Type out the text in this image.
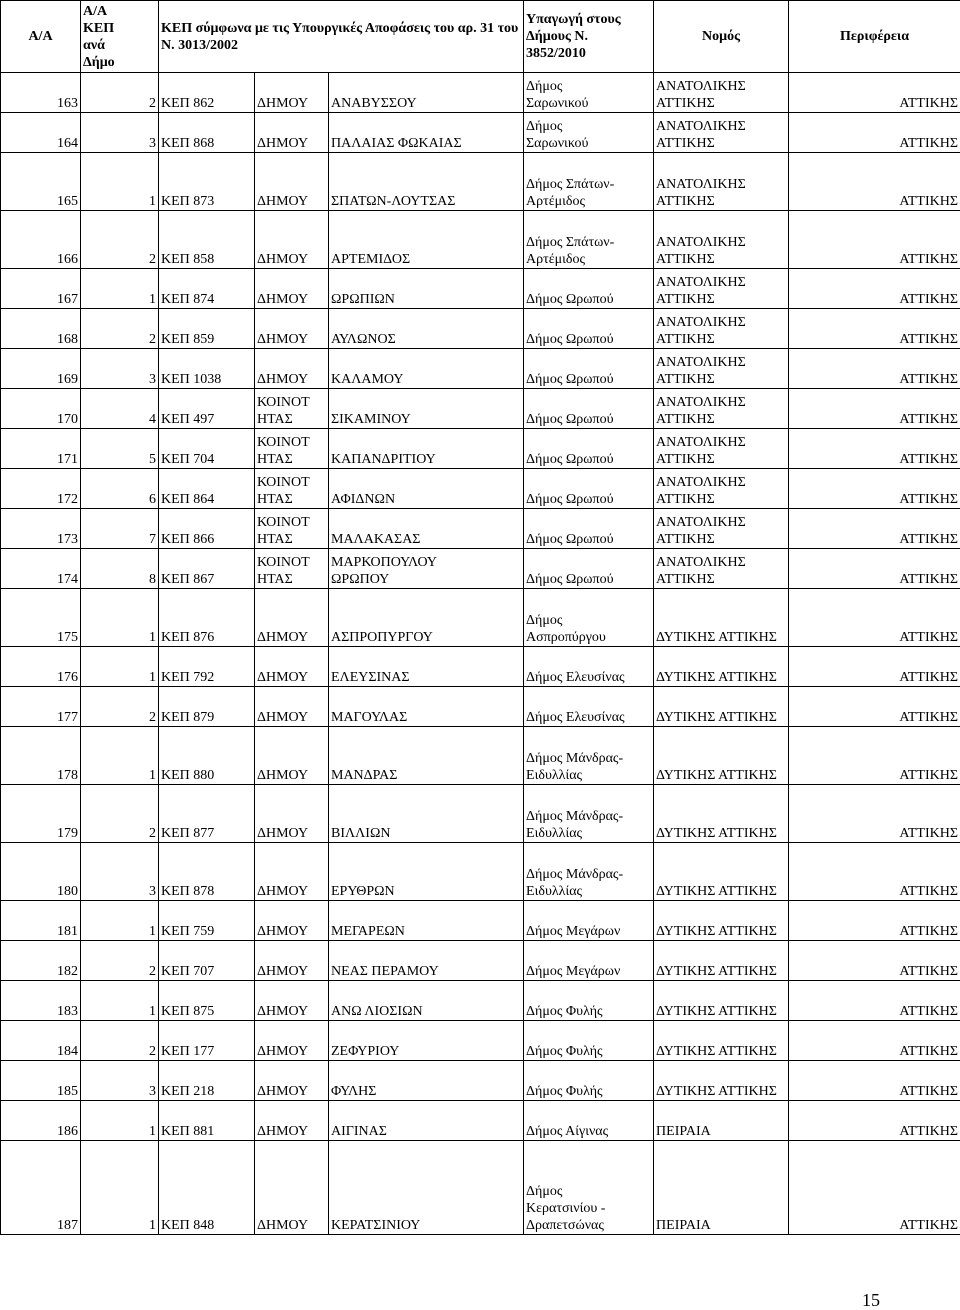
Α/Α	Α/Α
ΚΕΠ
ανά
Δήμο	ΚΕΠ σύμφωνα με τις Υπουργικές Αποφάσεις του αρ. 31 του Ν. 3013/2002			Υπαγωγή στους
Δήμους Ν.
3852/2010	Νομός	Περιφέρεια
163	2	ΚΕΠ 862	ΔΗΜΟΥ	ΑΝΑΒΥΣΣΟΥ	Δήμος
Σαρωνικού	ΑΝΑΤΟΛΙΚΗΣ
ΑΤΤΙΚΗΣ	ΑΤΤΙΚΗΣ
164	3	ΚΕΠ 868	ΔΗΜΟΥ	ΠΑΛΑΙΑΣ ΦΩΚΑΙΑΣ	Δήμος
Σαρωνικού	ΑΝΑΤΟΛΙΚΗΣ
ΑΤΤΙΚΗΣ	ΑΤΤΙΚΗΣ
165	1	ΚΕΠ 873	ΔΗΜΟΥ	ΣΠΑΤΩΝ-ΛΟΥΤΣΑΣ	Δήμος Σπάτων-
Αρτέμιδος	ΑΝΑΤΟΛΙΚΗΣ
ΑΤΤΙΚΗΣ	ΑΤΤΙΚΗΣ
166	2	ΚΕΠ 858	ΔΗΜΟΥ	ΑΡΤΕΜΙΔΟΣ	Δήμος Σπάτων-
Αρτέμιδος	ΑΝΑΤΟΛΙΚΗΣ
ΑΤΤΙΚΗΣ	ΑΤΤΙΚΗΣ
167	1	ΚΕΠ 874	ΔΗΜΟΥ	ΩΡΩΠΙΩΝ	Δήμος Ωρωπού	ΑΝΑΤΟΛΙΚΗΣ
ΑΤΤΙΚΗΣ	ΑΤΤΙΚΗΣ
168	2	ΚΕΠ 859	ΔΗΜΟΥ	ΑΥΛΩΝΟΣ	Δήμος Ωρωπού	ΑΝΑΤΟΛΙΚΗΣ
ΑΤΤΙΚΗΣ	ΑΤΤΙΚΗΣ
169	3	ΚΕΠ 1038	ΔΗΜΟΥ	ΚΑΛΑΜΟΥ	Δήμος Ωρωπού	ΑΝΑΤΟΛΙΚΗΣ
ΑΤΤΙΚΗΣ	ΑΤΤΙΚΗΣ
170	4	ΚΕΠ 497	ΚΟΙΝΟΤ
ΗΤΑΣ	ΣΙΚΑΜΙΝΟΥ	Δήμος Ωρωπού	ΑΝΑΤΟΛΙΚΗΣ
ΑΤΤΙΚΗΣ	ΑΤΤΙΚΗΣ
171	5	ΚΕΠ 704	ΚΟΙΝΟΤ
ΗΤΑΣ	ΚΑΠΑΝΔΡΙΤΙΟΥ	Δήμος Ωρωπού	ΑΝΑΤΟΛΙΚΗΣ
ΑΤΤΙΚΗΣ	ΑΤΤΙΚΗΣ
172	6	ΚΕΠ 864	ΚΟΙΝΟΤ
ΗΤΑΣ	ΑΦΙΔΝΩΝ	Δήμος Ωρωπού	ΑΝΑΤΟΛΙΚΗΣ
ΑΤΤΙΚΗΣ	ΑΤΤΙΚΗΣ
173	7	ΚΕΠ 866	ΚΟΙΝΟΤ
ΗΤΑΣ	ΜΑΛΑΚΑΣΑΣ	Δήμος Ωρωπού	ΑΝΑΤΟΛΙΚΗΣ
ΑΤΤΙΚΗΣ	ΑΤΤΙΚΗΣ
174	8	ΚΕΠ 867	ΚΟΙΝΟΤ
ΗΤΑΣ	ΜΑΡΚΟΠΟΥΛΟΥ
ΩΡΩΠΟΥ	Δήμος Ωρωπού	ΑΝΑΤΟΛΙΚΗΣ
ΑΤΤΙΚΗΣ	ΑΤΤΙΚΗΣ
175	1	ΚΕΠ 876	ΔΗΜΟΥ	ΑΣΠΡΟΠΥΡΓΟΥ	Δήμος
Ασπροπύργου	ΔΥΤΙΚΗΣ ΑΤΤΙΚΗΣ	ΑΤΤΙΚΗΣ
176	1	ΚΕΠ 792	ΔΗΜΟΥ	ΕΛΕΥΣΙΝΑΣ	Δήμος Ελευσίνας	ΔΥΤΙΚΗΣ ΑΤΤΙΚΗΣ	ΑΤΤΙΚΗΣ
177	2	ΚΕΠ 879	ΔΗΜΟΥ	ΜΑΓΟΥΛΑΣ	Δήμος Ελευσίνας	ΔΥΤΙΚΗΣ ΑΤΤΙΚΗΣ	ΑΤΤΙΚΗΣ
178	1	ΚΕΠ 880	ΔΗΜΟΥ	ΜΑΝΔΡΑΣ	Δήμος Μάνδρας-
Ειδυλλίας	ΔΥΤΙΚΗΣ ΑΤΤΙΚΗΣ	ΑΤΤΙΚΗΣ
179	2	ΚΕΠ 877	ΔΗΜΟΥ	ΒΙΛΛΙΩΝ	Δήμος Μάνδρας-
Ειδυλλίας	ΔΥΤΙΚΗΣ ΑΤΤΙΚΗΣ	ΑΤΤΙΚΗΣ
180	3	ΚΕΠ 878	ΔΗΜΟΥ	ΕΡΥΘΡΩΝ	Δήμος Μάνδρας-
Ειδυλλίας	ΔΥΤΙΚΗΣ ΑΤΤΙΚΗΣ	ΑΤΤΙΚΗΣ
181	1	ΚΕΠ 759	ΔΗΜΟΥ	ΜΕΓΑΡΕΩΝ	Δήμος Μεγάρων	ΔΥΤΙΚΗΣ ΑΤΤΙΚΗΣ	ΑΤΤΙΚΗΣ
182	2	ΚΕΠ 707	ΔΗΜΟΥ	ΝΕΑΣ ΠΕΡΑΜΟΥ	Δήμος Μεγάρων	ΔΥΤΙΚΗΣ ΑΤΤΙΚΗΣ	ΑΤΤΙΚΗΣ
183	1	ΚΕΠ 875	ΔΗΜΟΥ	ΑΝΩ ΛΙΟΣΙΩΝ	Δήμος Φυλής	ΔΥΤΙΚΗΣ ΑΤΤΙΚΗΣ	ΑΤΤΙΚΗΣ
184	2	ΚΕΠ 177	ΔΗΜΟΥ	ΖΕΦΥΡΙΟΥ	Δήμος Φυλής	ΔΥΤΙΚΗΣ ΑΤΤΙΚΗΣ	ΑΤΤΙΚΗΣ
185	3	ΚΕΠ 218	ΔΗΜΟΥ	ΦΥΛΗΣ	Δήμος Φυλής	ΔΥΤΙΚΗΣ ΑΤΤΙΚΗΣ	ΑΤΤΙΚΗΣ
186	1	ΚΕΠ 881	ΔΗΜΟΥ	ΑΙΓΙΝΑΣ	Δήμος Αίγινας	ΠΕΙΡΑΙΑ	ΑΤΤΙΚΗΣ
187	1	ΚΕΠ 848	ΔΗΜΟΥ	ΚΕΡΑΤΣΙΝΙΟΥ	Δήμος
Κερατσινίου -
Δραπετσώνας	ΠΕΙΡΑΙΑ	ΑΤΤΙΚΗΣ
15
